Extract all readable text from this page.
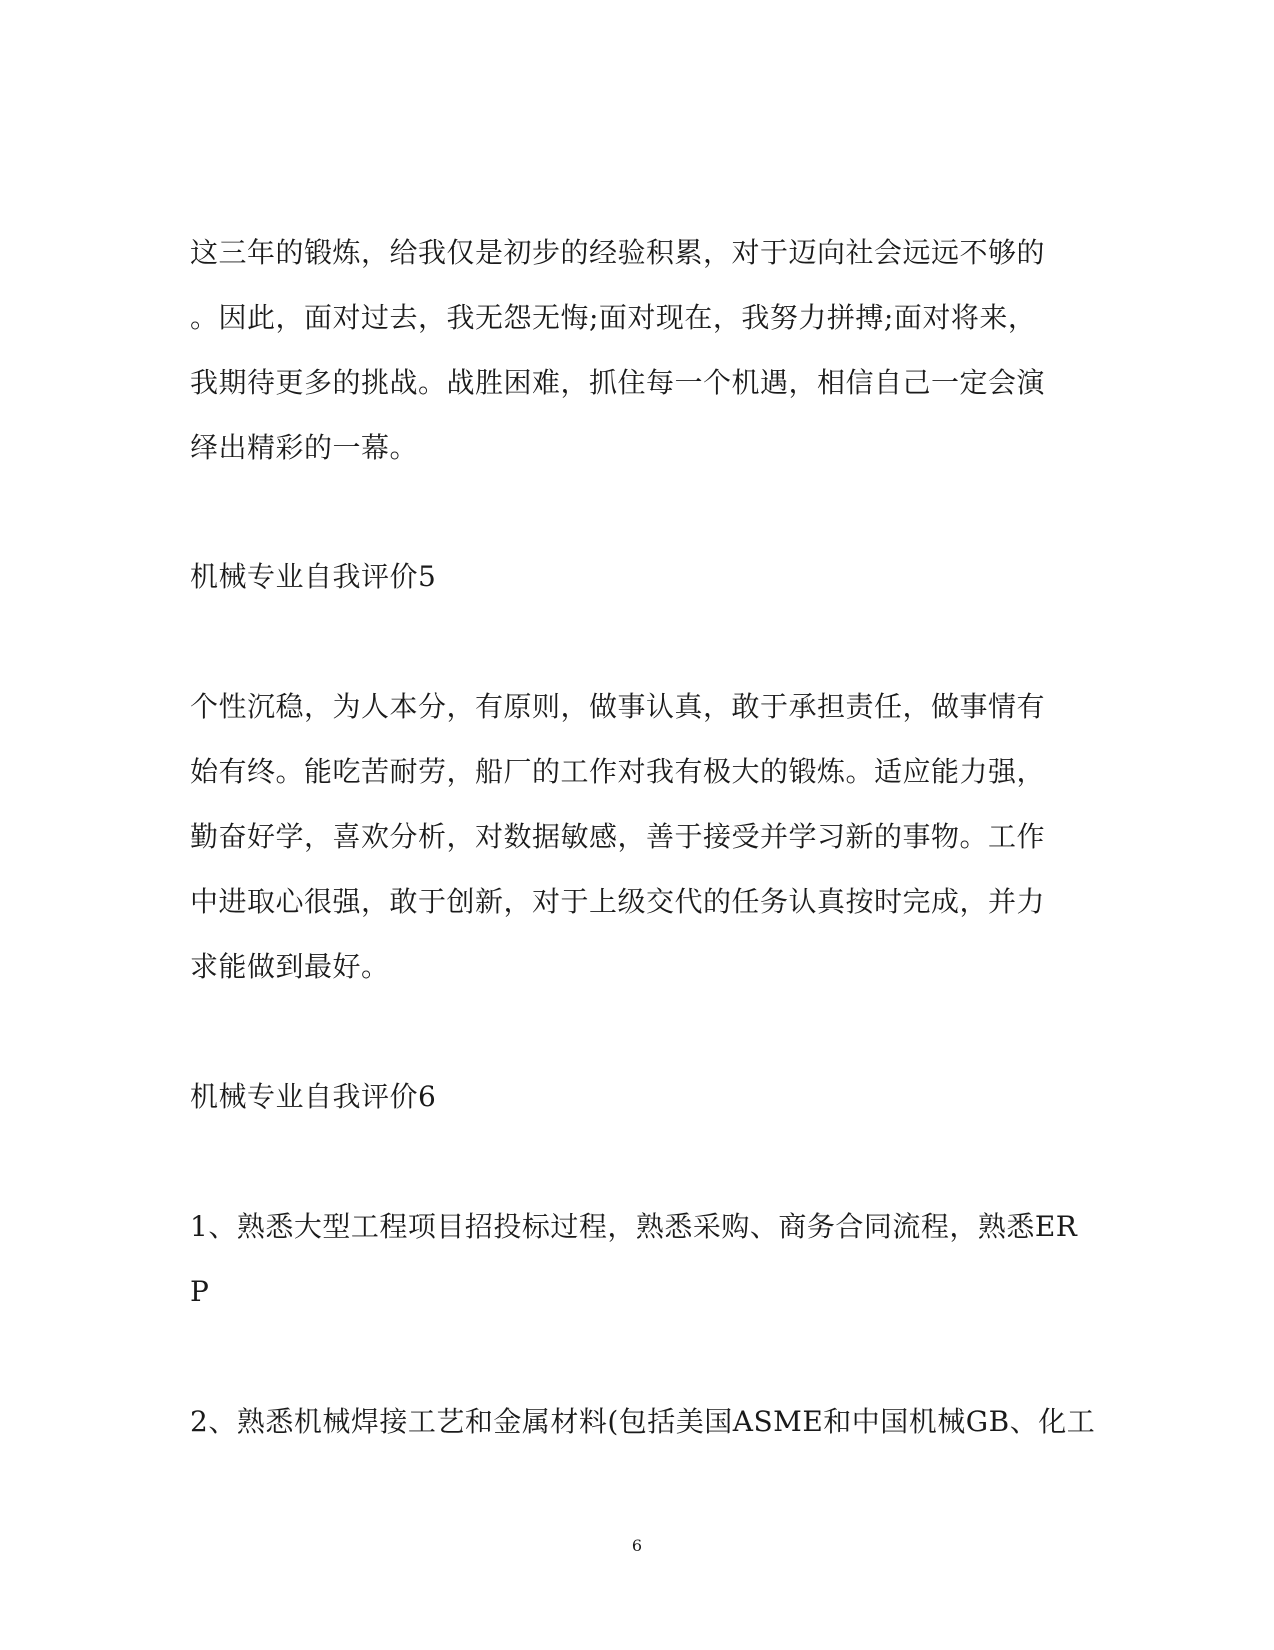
这三年的锻炼，给我仅是初步的经验积累，对于迈向社会远远不够的
。因此，面对过去，我无怨无悔;面对现在，我努力拼搏;面对将来，
我期待更多的挑战。战胜困难，抓住每一个机遇，相信自己一定会演
绎出精彩的一幕。
机械专业自我评价5
个性沉稳，为人本分，有原则，做事认真，敢于承担责任，做事情有
始有终。能吃苦耐劳，船厂的工作对我有极大的锻炼。适应能力强，
勤奋好学，喜欢分析，对数据敏感，善于接受并学习新的事物。工作
中进取心很强，敢于创新，对于上级交代的任务认真按时完成，并力
求能做到最好。
机械专业自我评价6
1、熟悉大型工程项目招投标过程，熟悉采购、商务合同流程，熟悉ER
P
2、熟悉机械焊接工艺和金属材料(包括美国ASME和中国机械GB、化工
6
